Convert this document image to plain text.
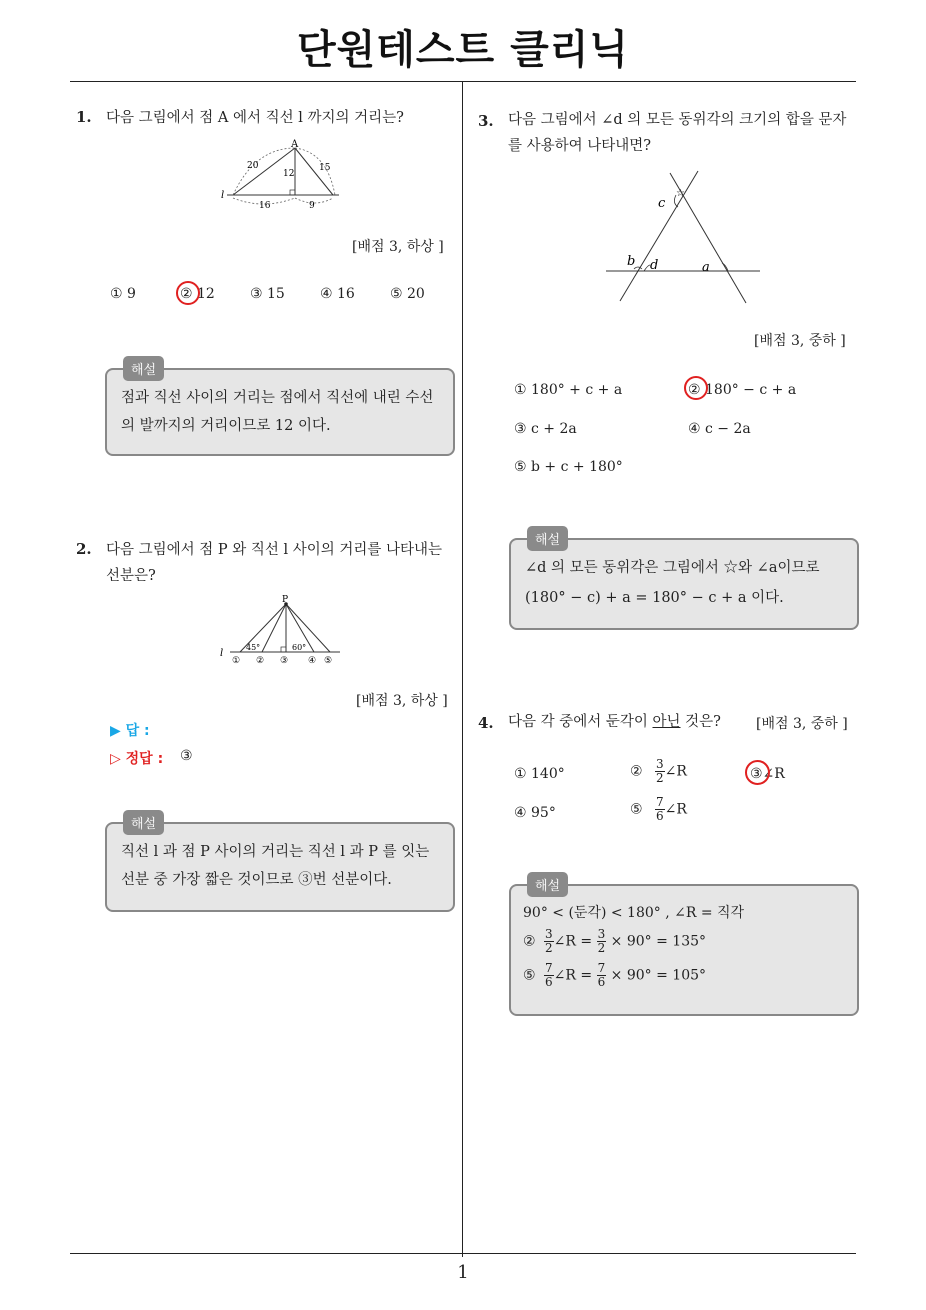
단원테스트 클리닉
1
1. 다음 그림에서 점 A 에서 직선 l 까지의 거리는?
A
l
20	15
12
16	9
[배점 3, 하상 ]
① 9	② 12	③ 15	④ 16	⑤ 20
해설
점과 직선 사이의 거리는 점에서 직선에 내린 수선의 발까지의 거리이므로 12 이다.
2. 다음 그림에서 점 P 와 직선 l 사이의 거리를 나타내는
선분은?
P
l
45°	60°
① ② ③ ④ ⑤
[배점 3, 하상 ]
▶ 답 :
▷ 정답 : ③
해설
직선 l 과 점 P 사이의 거리는 직선 l 과 P 를 잇는
선분 중 가장 짧은 것이므로 ③번 선분이다.
3. 다음 그림에서 ∠d 의 모든 동위각의 크기의 합을 문자
를 사용하여 나타내면?
c
☆
b d	a
[배점 3, 중하 ]
① 180° + c + a	② 180° − c + a
③ c + 2a	④ c − 2a
⑤ b + c + 180°
해설
∠d 의 모든 동위각은 그림에서 ☆와 ∠a이므로
(180° − c) + a = 180° − c + a 이다.
4. 다음 각 중에서 둔각이 아닌 것은?	[배점 3, 중하 ]
① 140°	② $\frac{3}{2}$ ∠R	③∠R
④ 95°	⑤ $\frac{7}{6}$ ∠R
해설
90° < (둔각) < 180° , ∠R = 직각
② $\frac{3}{2}$ ∠R = $\frac{3}{2} \times 90^\circ = 135^\circ$
⑤ $\frac{7}{6}$ ∠R = $\frac{7}{6} \times 90^\circ = 105^\circ$
